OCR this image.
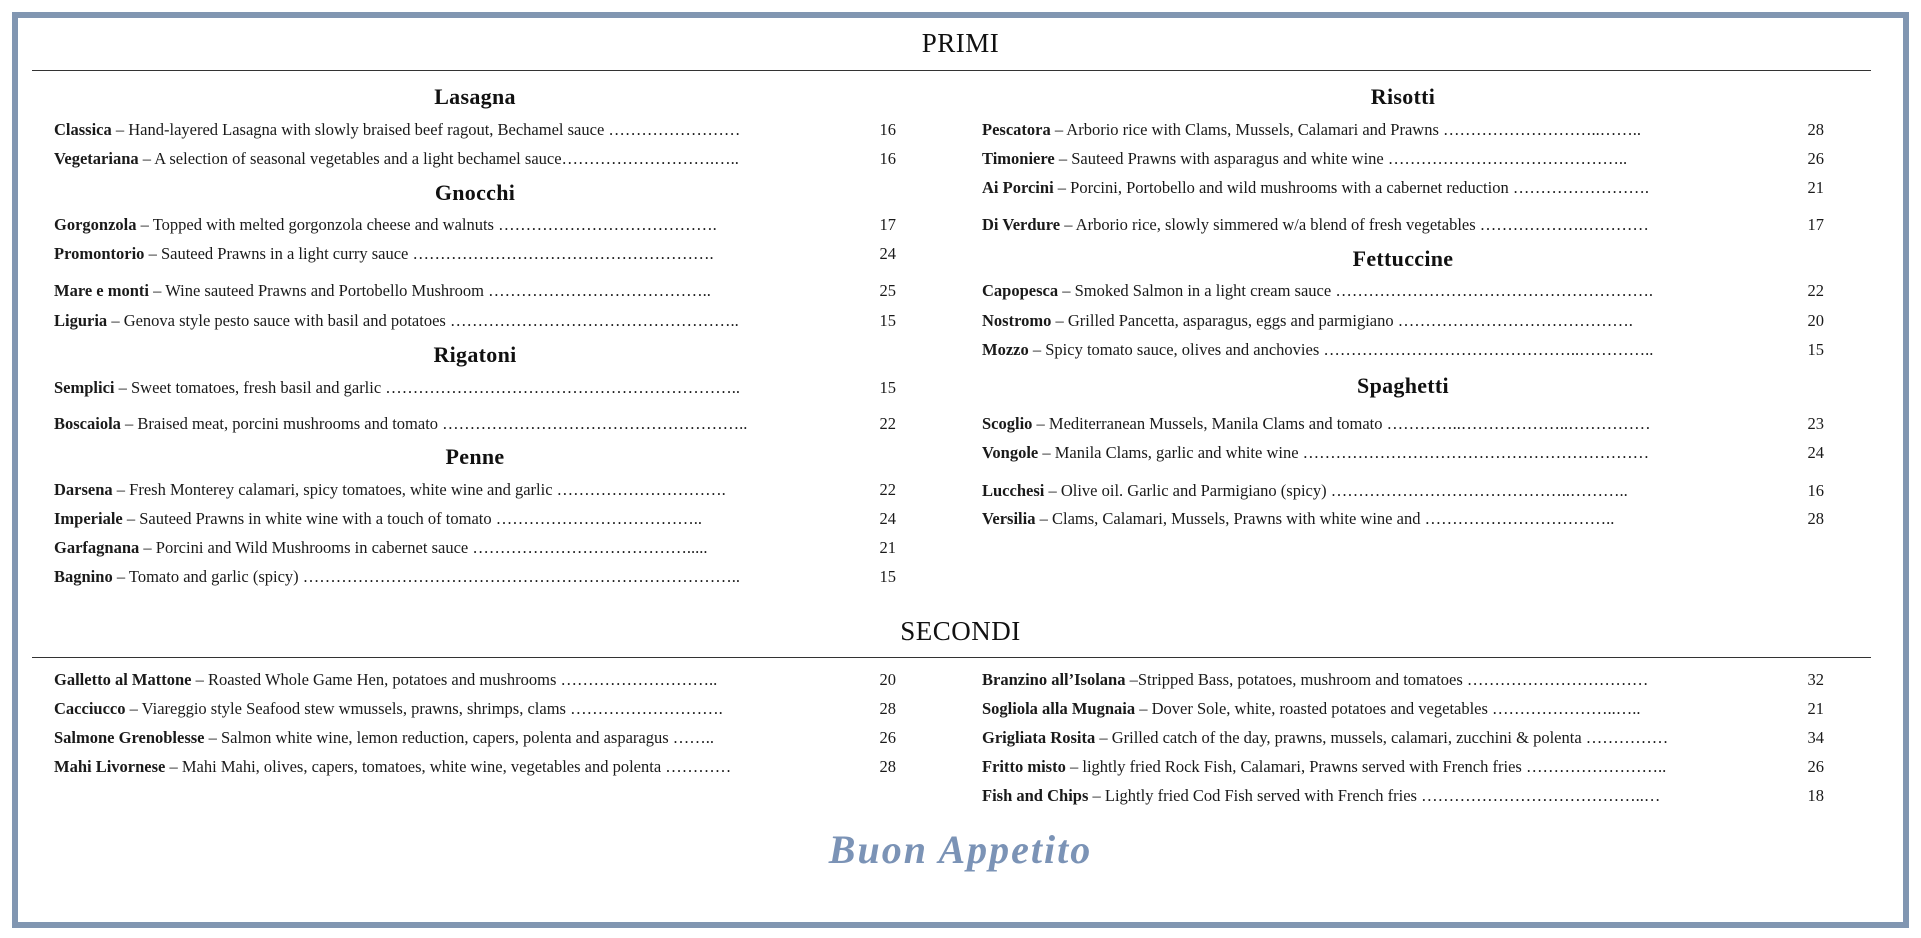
PRIMI
Lasagna
Classica – Hand-layered Lasagna with slowly braised beef ragout, Bechamel sauce ……………………	16
Vegetariana – A selection of seasonal vegetables and a light bechamel sauce……………………….…..	16
Gnocchi
Gorgonzola – Topped with melted gorgonzola cheese and walnuts ………………………………….	17
Promontorio – Sauteed Prawns in a light curry sauce ……………………………………………….	24
Mare e monti – Wine sauteed Prawns and Portobello Mushroom …………………………………..	25
Liguria – Genova style pesto sauce with basil and potatoes ……………………………………………..	15
Rigatoni
Semplici – Sweet tomatoes, fresh basil and garlic ………………………………………………………..	15
Boscaiola – Braised meat, porcini mushrooms and tomato ………………………………………………..	22
Penne
Darsena – Fresh Monterey calamari, spicy tomatoes, white wine and garlic ………………………….	22
Imperiale – Sauteed Prawns in white wine with a touch of tomato ………………………………..	24
Garfagnana – Porcini and Wild Mushrooms in cabernet sauce ………………………………….....	21
Bagnino – Tomato and garlic (spicy) ……………………………………………………………………..	15
Risotti
Pescatora – Arborio rice with Clams, Mussels, Calamari and Prawns ………………………..……..	28
Timoniere – Sauteed Prawns with asparagus and white wine ……………………………………..	26
Ai Porcini – Porcini, Portobello and wild mushrooms with a cabernet reduction …………………….	21
Di Verdure – Arborio rice, slowly simmered w/a blend of fresh vegetables ……………….…………	17
Fettuccine
Capopesca – Smoked Salmon in a light cream sauce ………………………………………………….	22
Nostromo – Grilled Pancetta, asparagus, eggs and parmigiano …………………………………….	20
Mozzo – Spicy tomato sauce, olives and anchovies ………………………………………..…………..	15
Spaghetti
Scoglio – Mediterranean Mussels, Manila Clams and tomato …………..………………..……………	23
Vongole – Manila Clams, garlic and white wine ………………………………………………………	24
Lucchesi – Olive oil. Garlic and Parmigiano (spicy) ……………………………………..………..	16
Versilia – Clams, Calamari, Mussels, Prawns with white wine and ……………………………..	28
SECONDI
Galletto al Mattone – Roasted Whole Game Hen, potatoes and mushrooms ………………………..	20
Cacciucco – Viareggio style Seafood stew wmussels, prawns, shrimps, clams ……………………….	28
Salmone Grenoblesse – Salmon white wine, lemon reduction, capers, polenta and asparagus ……..	26
Mahi Livornese – Mahi Mahi, olives, capers, tomatoes, white wine, vegetables and polenta …………	28
Branzino all’Isolana –Stripped Bass, potatoes, mushroom and tomatoes ……………………………	32
Sogliola alla Mugnaia – Dover Sole, white, roasted potatoes and vegetables …………………..…..	21
Grigliata Rosita – Grilled catch of the day, prawns, mussels, calamari, zucchini & polenta ……………	34
Fritto misto – lightly fried Rock Fish, Calamari, Prawns served with French fries ……………………..	26
Fish and Chips – Lightly fried Cod Fish served with French fries …………………………………..…	18
Buon Appetito
